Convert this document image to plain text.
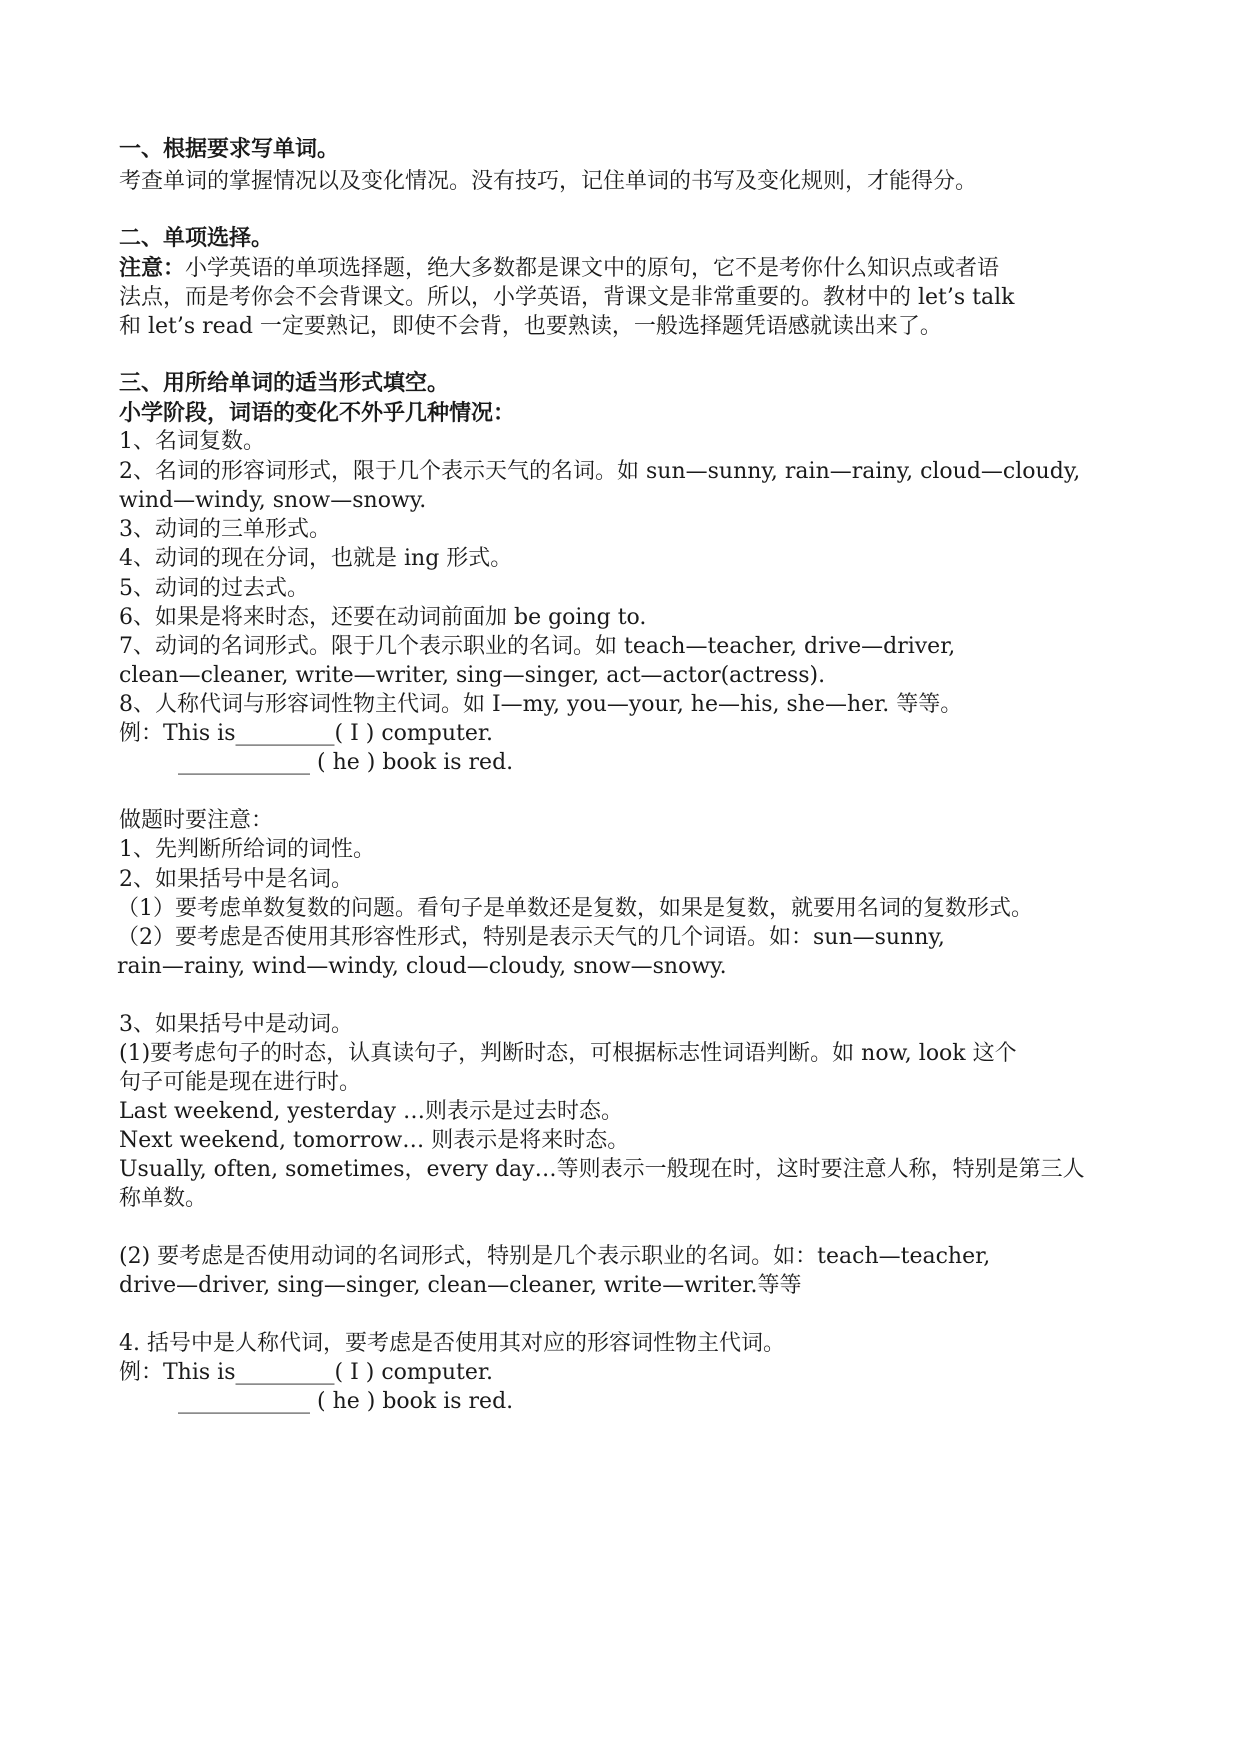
一、根据要求写单词。
考查单词的掌握情况以及变化情况。没有技巧，记住单词的书写及变化规则，才能得分。
二、单项选择。
注意：小学英语的单项选择题，绝大多数都是课文中的原句，它不是考你什么知识点或者语
法点，而是考你会不会背课文。所以，小学英语，背课文是非常重要的。教材中的 let’s talk
和 let’s read 一定要熟记，即使不会背，也要熟读，一般选择题凭语感就读出来了。
三、用所给单词的适当形式填空。
小学阶段，词语的变化不外乎几种情况：
1、名词复数。
2、名词的形容词形式，限于几个表示天气的名词。如 sun—sunny, rain—rainy, cloud—cloudy,
wind—windy, snow—snowy.
3、动词的三单形式。
4、动词的现在分词，也就是 ing 形式。
5、动词的过去式。
6、如果是将来时态，还要在动词前面加 be going to.
7、动词的名词形式。限于几个表示职业的名词。如 teach—teacher, drive—driver,
clean—cleaner, write—writer, sing—singer, act—actor(actress).
8、人称代词与形容词性物主代词。如 I—my, you—your, he—his, she—her. 等等。
例：This is_________( I ) computer.
____________ ( he ) book is red.
做题时要注意：
1、先判断所给词的词性。
2、如果括号中是名词。
（1）要考虑单数复数的问题。看句子是单数还是复数，如果是复数，就要用名词的复数形式。
（2）要考虑是否使用其形容性形式，特别是表示天气的几个词语。如：sun—sunny,
rain—rainy, wind—windy, cloud—cloudy, snow—snowy.
3、如果括号中是动词。
(1)要考虑句子的时态，认真读句子，判断时态，可根据标志性词语判断。如 now, look 这个
句子可能是现在进行时。
Last weekend, yesterday …则表示是过去时态。
Next weekend, tomorrow… 则表示是将来时态。
Usually, often, sometimes，every day…等则表示一般现在时，这时要注意人称，特别是第三人
称单数。
(2) 要考虑是否使用动词的名词形式，特别是几个表示职业的名词。如：teach—teacher,
drive—driver, sing—singer, clean—cleaner, write—writer.等等
4. 括号中是人称代词，要考虑是否使用其对应的形容词性物主代词。
例：This is_________( I ) computer.
____________ ( he ) book is red.
